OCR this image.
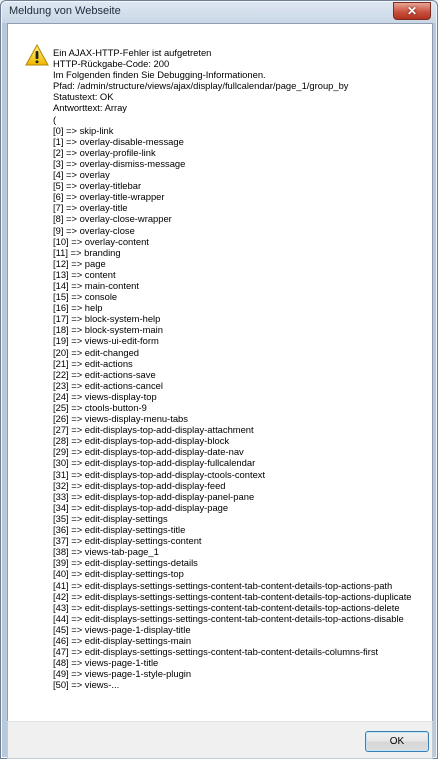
Meldung von Webseite	✕
Ein AJAX-HTTP-Fehler ist aufgetreten
HTTP-Rückgabe-Code: 200
Im Folgenden finden Sie Debugging-Informationen.
Pfad: /admin/structure/views/ajax/display/fullcalendar/page_1/group_by
Statustext: OK
Antworttext: Array
(
[0] => skip-link
[1] => overlay-disable-message
[2] => overlay-profile-link
[3] => overlay-dismiss-message
[4] => overlay
[5] => overlay-titlebar
[6] => overlay-title-wrapper
[7] => overlay-title
[8] => overlay-close-wrapper
[9] => overlay-close
[10] => overlay-content
[11] => branding
[12] => page
[13] => content
[14] => main-content
[15] => console
[16] => help
[17] => block-system-help
[18] => block-system-main
[19] => views-ui-edit-form
[20] => edit-changed
[21] => edit-actions
[22] => edit-actions-save
[23] => edit-actions-cancel
[24] => views-display-top
[25] => ctools-button-9
[26] => views-display-menu-tabs
[27] => edit-displays-top-add-display-attachment
[28] => edit-displays-top-add-display-block
[29] => edit-displays-top-add-display-date-nav
[30] => edit-displays-top-add-display-fullcalendar
[31] => edit-displays-top-add-display-ctools-context
[32] => edit-displays-top-add-display-feed
[33] => edit-displays-top-add-display-panel-pane
[34] => edit-displays-top-add-display-page
[35] => edit-display-settings
[36] => edit-display-settings-title
[37] => edit-display-settings-content
[38] => views-tab-page_1
[39] => edit-display-settings-details
[40] => edit-display-settings-top
[41] => edit-displays-settings-settings-content-tab-content-details-top-actions-path
[42] => edit-displays-settings-settings-content-tab-content-details-top-actions-duplicate
[43] => edit-displays-settings-settings-content-tab-content-details-top-actions-delete
[44] => edit-displays-settings-settings-content-tab-content-details-top-actions-disable
[45] => views-page-1-display-title
[46] => edit-display-settings-main
[47] => edit-displays-settings-settings-content-tab-content-details-columns-first
[48] => views-page-1-title
[49] => views-page-1-style-plugin
[50] => views-...
OK
